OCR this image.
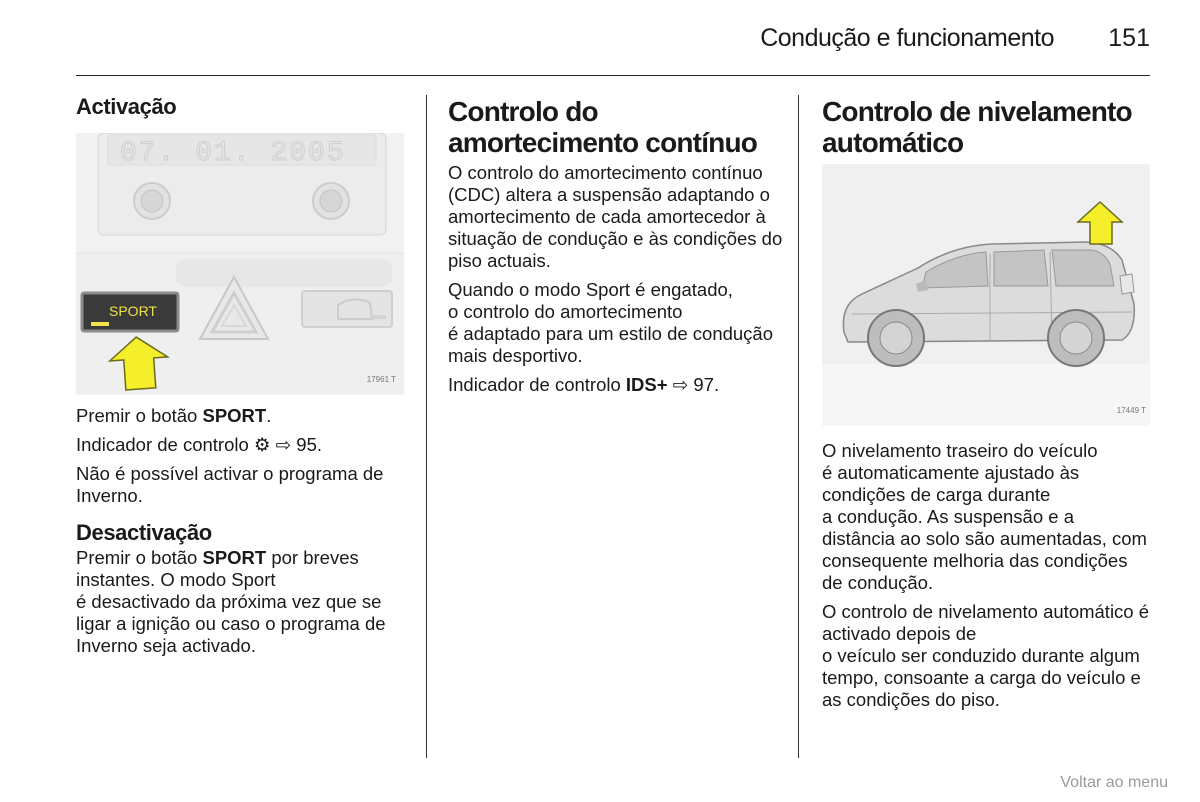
Condução e funcionamento 151
Activação
07. 01. 2005
SPORT
17961 T

Premir o botão SPORT.

Indicador de controlo ⚙ ⇨ 95.

Não é possível activar o programa de Inverno.

Desactivação

Premir o botão SPORT por breves instantes. O modo Sport
é desactivado da próxima vez que se ligar a ignição ou caso o programa de Inverno seja activado.

Controlo do amortecimento contínuo

O controlo do amortecimento contínuo (CDC) altera a suspensão adaptando o amortecimento de cada amortecedor à situação de condução e às condições do piso actuais.

Quando o modo Sport é engatado,
o controlo do amortecimento
é adaptado para um estilo de condução mais desportivo.

Indicador de controlo IDS+ ⇨ 97.

Controlo de nivelamento automático
17449 T

O nivelamento traseiro do veículo
é automaticamente ajustado às condições de carga durante
a condução. As suspensão e a distância ao solo são aumentadas, com consequente melhoria das condições de condução.

O controlo de nivelamento automático é activado depois de
o veículo ser conduzido durante algum tempo, consoante a carga do veículo e as condições do piso.

Voltar ao menu
